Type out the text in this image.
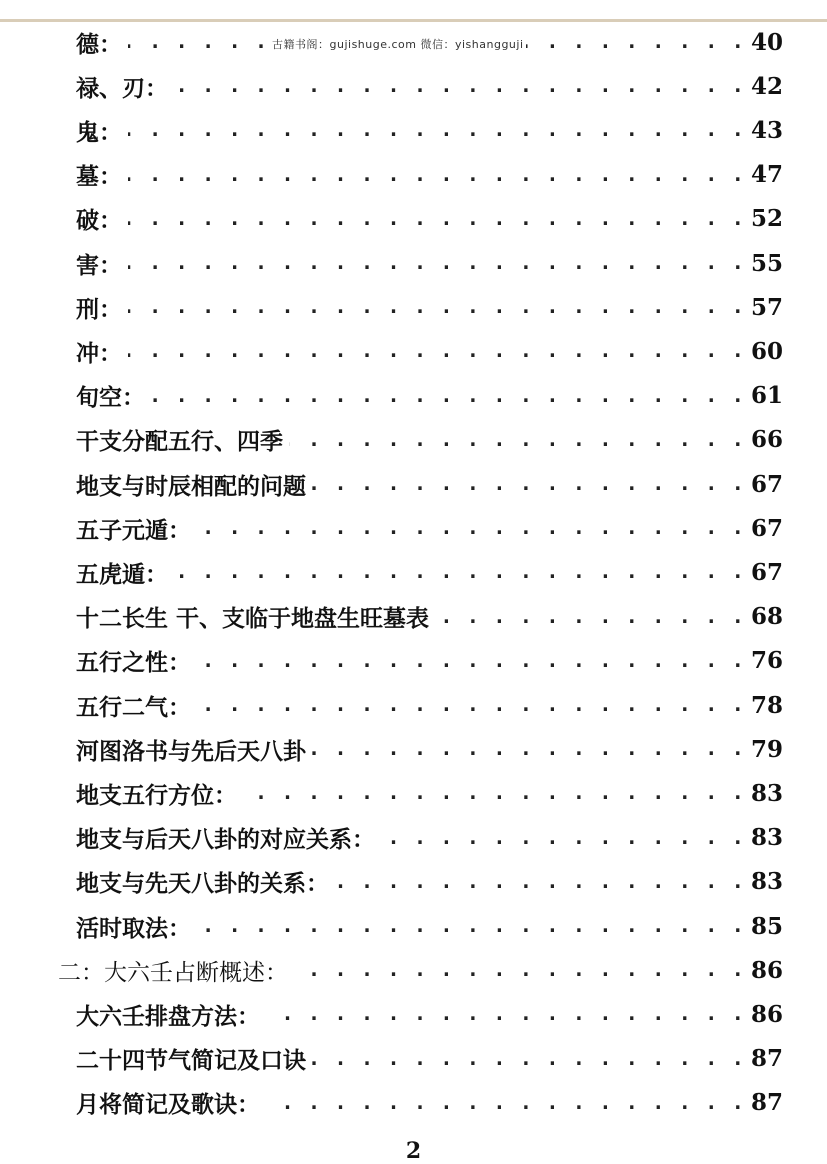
古籍书阁：gujishuge.com 微信：yishangguji
德： . . .	40
禄、刃： . . .	42
鬼： . . .	43
墓： . . .	47
破： . . .	52
害： . . .	55
刑： . . .	57
冲： . . .	60
旬空： . . .	61
干支分配五行、四季 . . .	66
地支与时辰相配的问题 . . .	67
五子元遁： . . .	67
五虎遁： . . .	67
十二长生 干、支临于地盘生旺墓表 . . .	68
五行之性： . . .	76
五行二气： . . .	78
河图洛书与先后天八卦 . . .	79
地支五行方位： . . .	83
地支与后天八卦的对应关系： . . .	83
地支与先天八卦的关系： . . .	83
活时取法： . . .	85
二：大六壬占断概述： . . .	86
大六壬排盘方法： . . .	86
二十四节气简记及口诀 . . .	87
月将简记及歌诀： . . .	87
2
